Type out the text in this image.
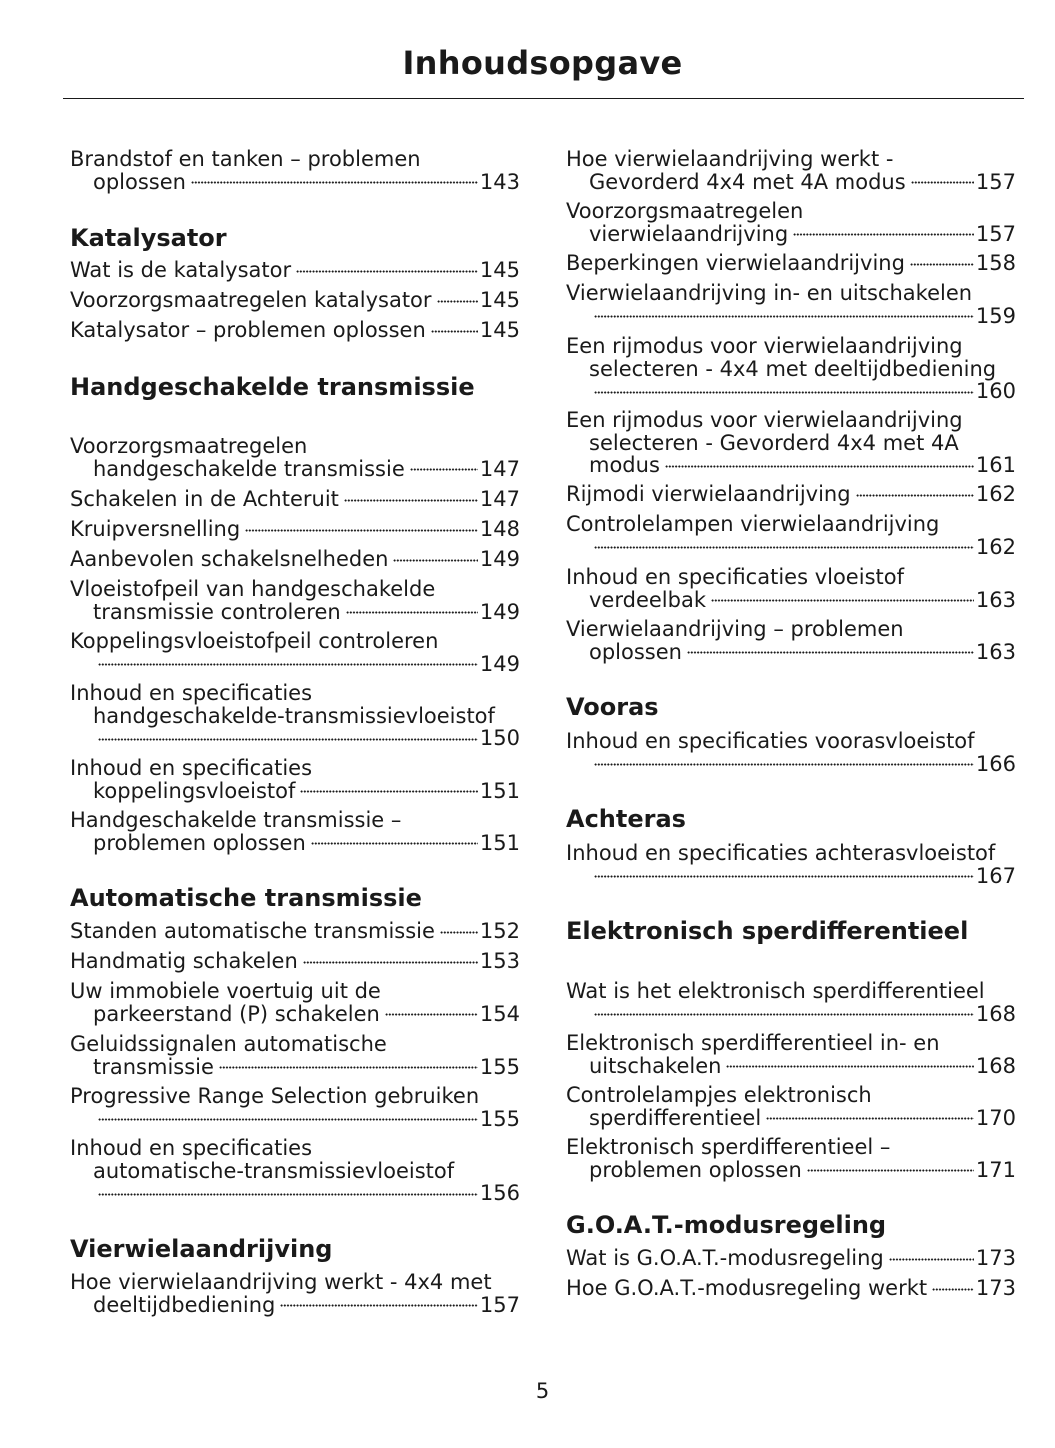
Inhoudsopgave
Brandstof en tanken – problemen
oplossen	143
Katalysator
Wat is de katalysator	145
Voorzorgsmaatregelen katalysator 145
Katalysator – problemen oplossen	145
Handgeschakelde transmissie
Voorzorgsmaatregelen
handgeschakelde transmissie	147
Schakelen in de Achteruit	147
Kruipversnelling	148
Aanbevolen schakelsnelheden	149
Vloeistofpeil van handgeschakelde
transmissie controleren	149
Koppelingsvloeistofpeil controleren
149
Inhoud en specificaties
handgeschakelde-transmissievloeistof
150
Inhoud en specificaties
koppelingsvloeistof	151
Handgeschakelde transmissie –
problemen oplossen	151
Automatische transmissie
Standen automatische transmissie 152
Handmatig schakelen	153
Uw immobiele voertuig uit de
parkeerstand (P) schakelen	154
Geluidssignalen automatische
transmissie	155
Progressive Range Selection gebruiken
155
Inhoud en specificaties
automatische-transmissievloeistof
156
Vierwielaandrijving
Hoe vierwielaandrijving werkt - 4x4 met
deeltijdbediening	157
Hoe vierwielaandrijving werkt -
Gevorderd 4x4 met 4A modus	157
Voorzorgsmaatregelen
vierwielaandrijving	157
Beperkingen vierwielaandrijving	158
Vierwielaandrijving in- en uitschakelen
159
Een rijmodus voor vierwielaandrijving
selecteren - 4x4 met deeltijdbediening
160
Een rijmodus voor vierwielaandrijving
selecteren - Gevorderd 4x4 met 4A
modus	161
Rijmodi vierwielaandrijving	162
Controlelampen vierwielaandrijving
162
Inhoud en specificaties vloeistof
verdeelbak	163
Vierwielaandrijving – problemen
oplossen	163
Vooras
Inhoud en specificaties voorasvloeistof
166
Achteras
Inhoud en specificaties achterasvloeistof
167
Elektronisch sperdifferentieel
Wat is het elektronisch sperdifferentieel
168
Elektronisch sperdifferentieel in- en
uitschakelen	168
Controlelampjes elektronisch
sperdifferentieel	170
Elektronisch sperdifferentieel –
problemen oplossen	171
G.O.A.T.-modusregeling
Wat is G.O.A.T.-modusregeling	173
Hoe G.O.A.T.-modusregeling werkt 173
5
